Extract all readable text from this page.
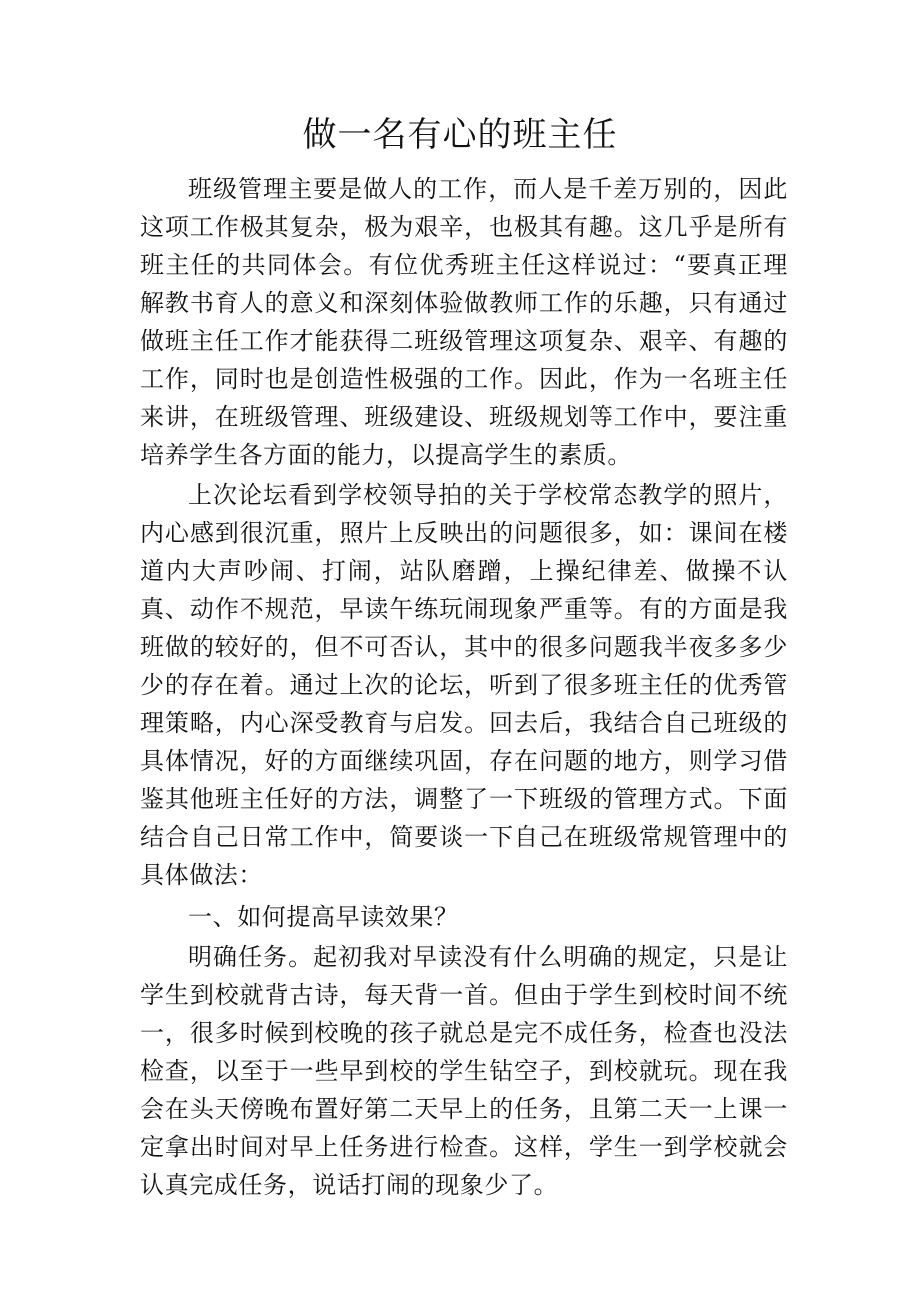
做一名有心的班主任

班级管理主要是做人的工作，而人是千差万别的，因此这项工作极其复杂，极为艰辛，也极其有趣。这几乎是所有班主任的共同体会。有位优秀班主任这样说过：“要真正理解教书育人的意义和深刻体验做教师工作的乐趣，只有通过做班主任工作才能获得二班级管理这项复杂、艰辛、有趣的工作，同时也是创造性极强的工作。因此，作为一名班主任来讲，在班级管理、班级建设、班级规划等工作中，要注重培养学生各方面的能力，以提高学生的素质。

上次论坛看到学校领导拍的关于学校常态教学的照片，内心感到很沉重，照片上反映出的问题很多，如：课间在楼道内大声吵闹、打闹，站队磨蹭，上操纪律差、做操不认真、动作不规范，早读午练玩闹现象严重等。有的方面是我班做的较好的，但不可否认，其中的很多问题我半夜多多少少的存在着。通过上次的论坛，听到了很多班主任的优秀管理策略，内心深受教育与启发。回去后，我结合自己班级的具体情况，好的方面继续巩固，存在问题的地方，则学习借鉴其他班主任好的方法，调整了一下班级的管理方式。下面结合自己日常工作中，简要谈一下自己在班级常规管理中的具体做法：

一、如何提高早读效果？

明确任务。起初我对早读没有什么明确的规定，只是让学生到校就背古诗，每天背一首。但由于学生到校时间不统一，很多时候到校晚的孩子就总是完不成任务，检查也没法检查，以至于一些早到校的学生钻空子，到校就玩。现在我会在头天傍晚布置好第二天早上的任务，且第二天一上课一定拿出时间对早上任务进行检查。这样，学生一到学校就会认真完成任务，说话打闹的现象少了。
